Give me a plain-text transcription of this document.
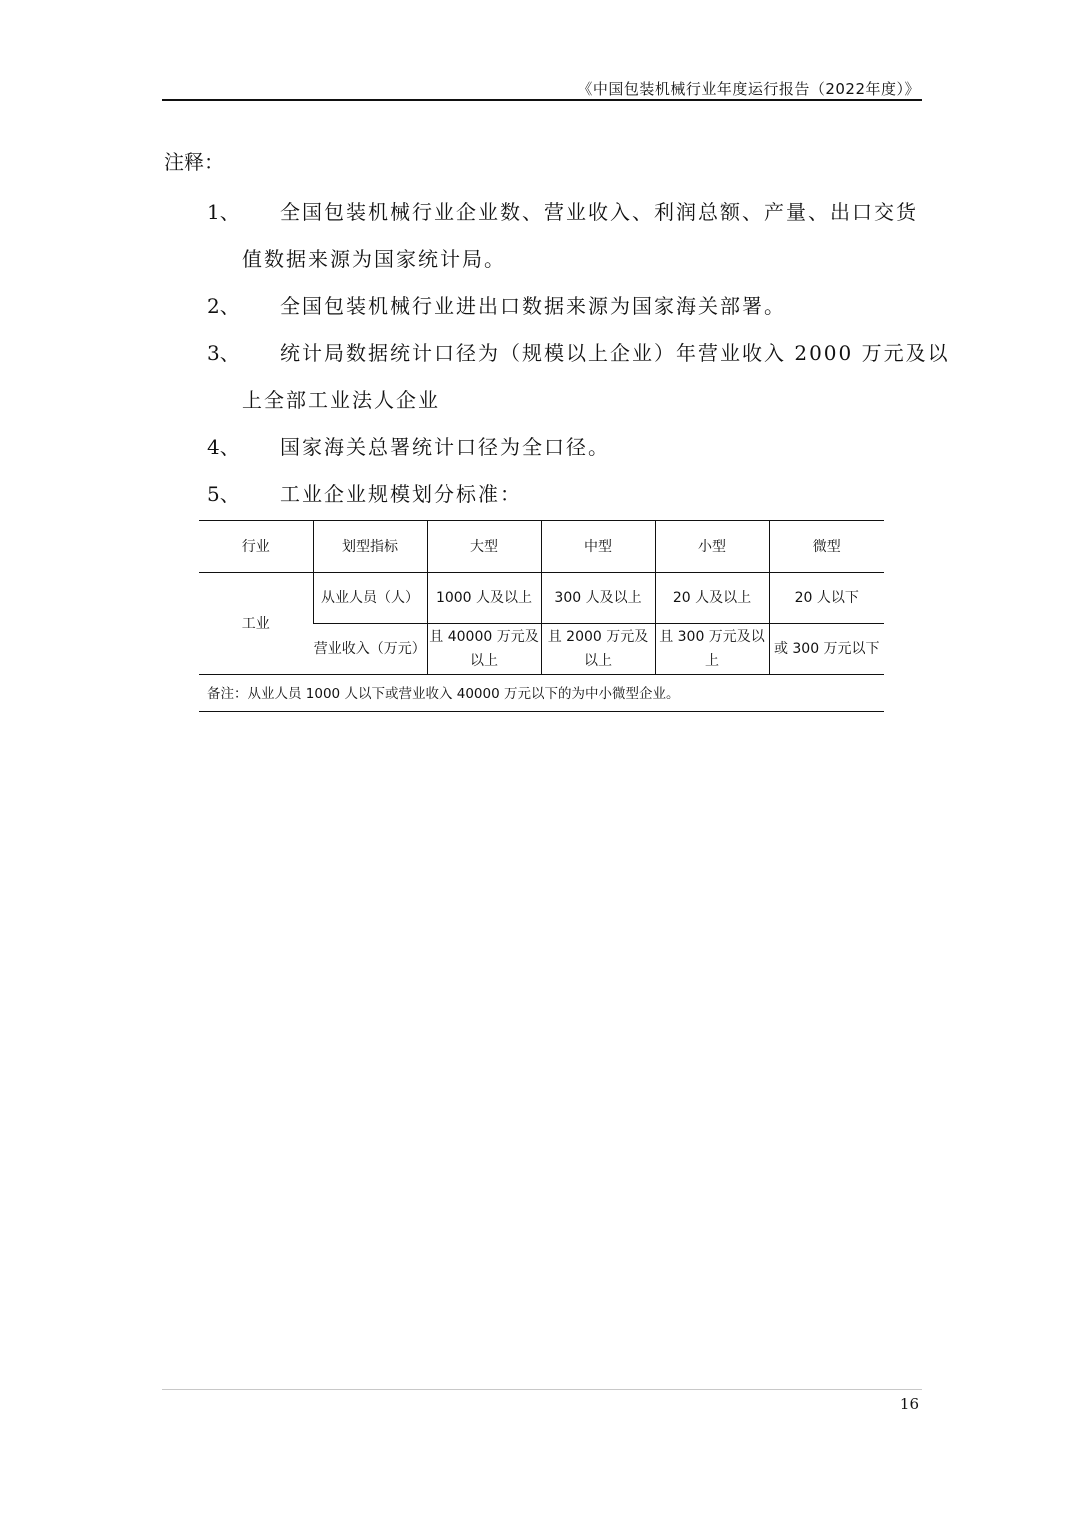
《中国包装机械行业年度运行报告（2022年度）》
注释：
1、 全国包装机械行业企业数、营业收入、利润总额、产量、出口交货
值数据来源为国家统计局。
2、 全国包装机械行业进出口数据来源为国家海关部署。
3、 统计局数据统计口径为（规模以上企业）年营业收入 2000 万元及以
上全部工业法人企业
4、 国家海关总署统计口径为全口径。
5、 工业企业规模划分标准：
行业	划型指标	大型	中型	小型	微型
工业	从业人员（人）	1000 人及以上	300 人及以上	20 人及以上	20 人以下
	营业收入（万元）	且 40000 万元及以上	且 2000 万元及以上	且 300 万元及以上	或 300 万元以下
备注：从业人员 1000 人以下或营业收入 40000 万元以下的为中小微型企业。
16
